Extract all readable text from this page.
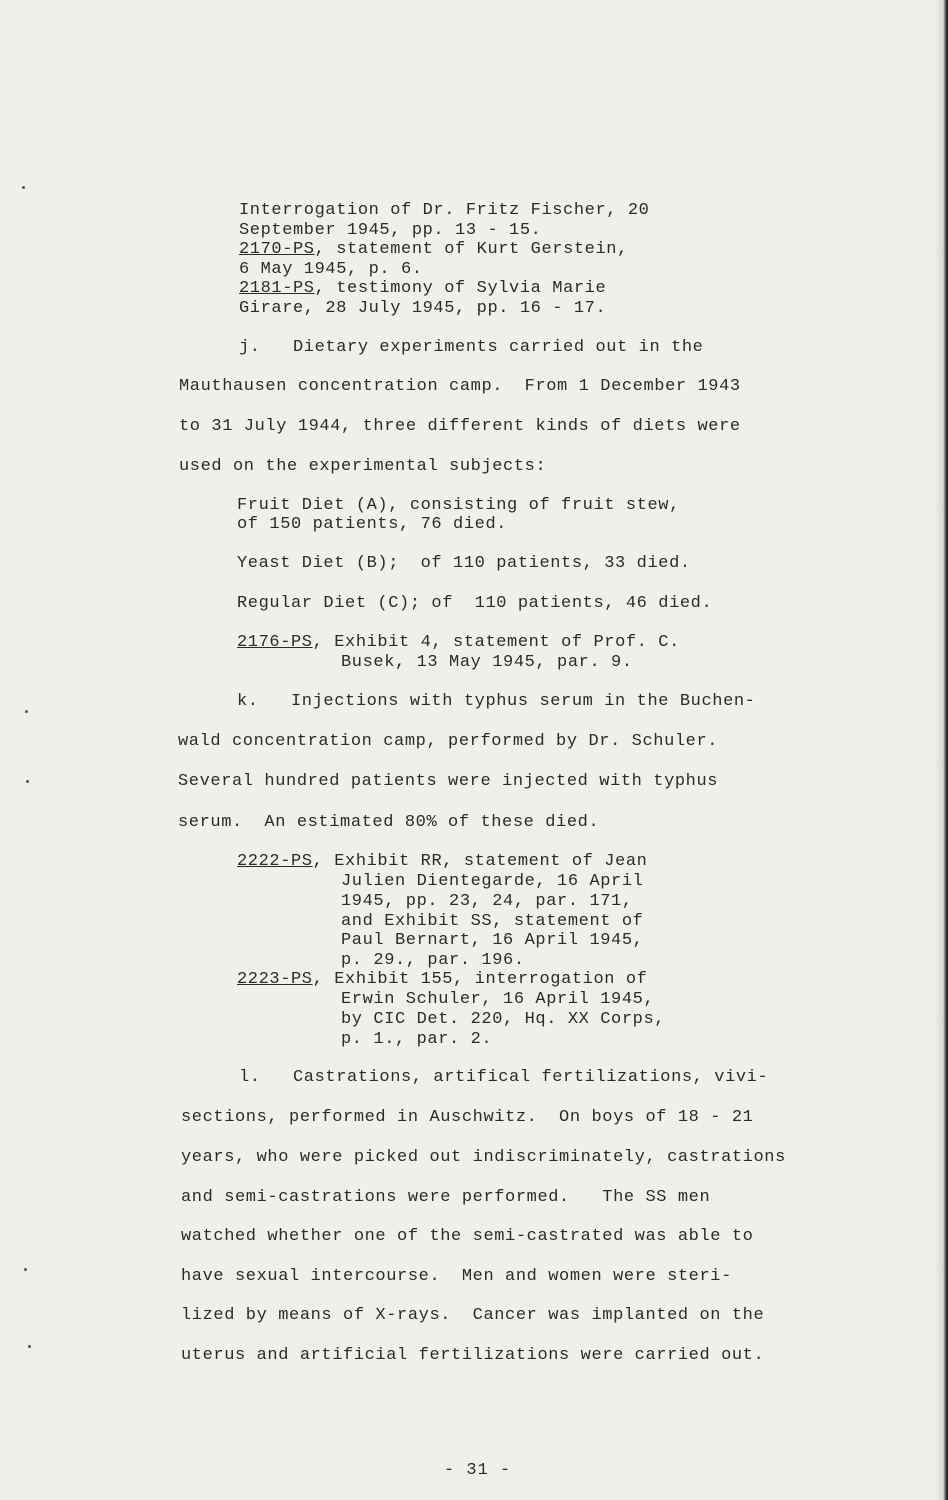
Interrogation of Dr. Fritz Fischer, 20
September 1945, pp. 13 - 15.
2170-PS, statement of Kurt Gerstein,
6 May 1945, p. 6.
2181-PS, testimony of Sylvia Marie
Girare, 28 July 1945, pp. 16 - 17.
j.   Dietary experiments carried out in the
Mauthausen concentration camp.  From 1 December 1943
to 31 July 1944, three different kinds of diets were
used on the experimental subjects:
Fruit Diet (A), consisting of fruit stew,
of 150 patients, 76 died.
Yeast Diet (B);  of 110 patients, 33 died.
Regular Diet (C); of  110 patients, 46 died.
2176-PS, Exhibit 4, statement of Prof. C.
Busek, 13 May 1945, par. 9.
k.   Injections with typhus serum in the Buchen-
wald concentration camp, performed by Dr. Schuler.
Several hundred patients were injected with typhus
serum.  An estimated 80% of these died.
2222-PS, Exhibit RR, statement of Jean
Julien Dientegarde, 16 April
1945, pp. 23, 24, par. 171,
and Exhibit SS, statement of
Paul Bernart, 16 April 1945,
p. 29., par. 196.
2223-PS, Exhibit 155, interrogation of
Erwin Schuler, 16 April 1945,
by CIC Det. 220, Hq. XX Corps,
p. 1., par. 2.
l.   Castrations, artifical fertilizations, vivi-
sections, performed in Auschwitz.  On boys of 18 - 21
years, who were picked out indiscriminately, castrations
and semi-castrations were performed.   The SS men
watched whether one of the semi-castrated was able to
have sexual intercourse.  Men and women were steri-
lized by means of X-rays.  Cancer was implanted on the
uterus and artificial fertilizations were carried out.
- 31 -
